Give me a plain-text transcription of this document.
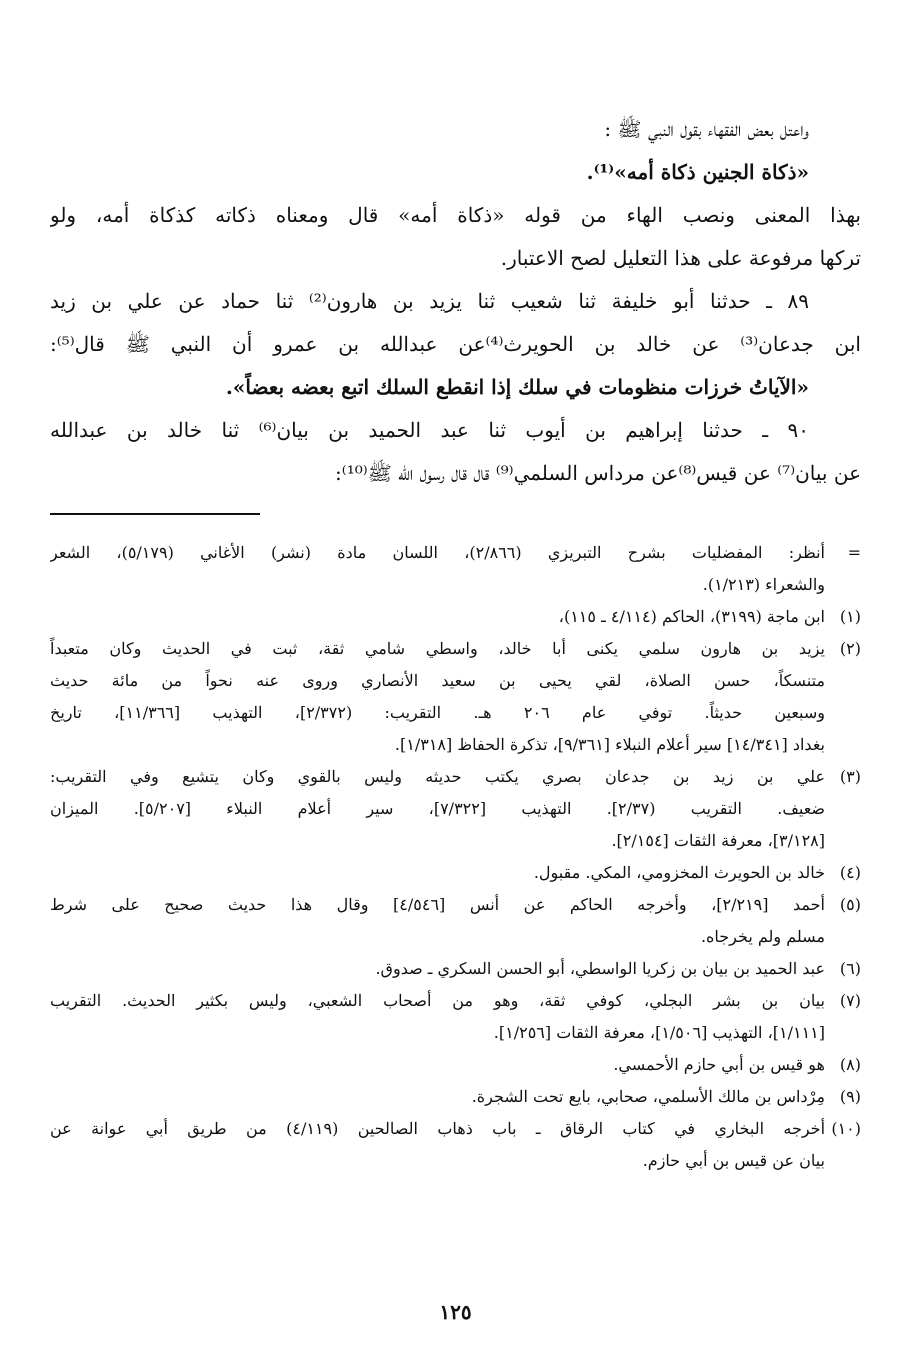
واعتل بعض الفقهاء بقول النبي ﷺ :
«ذكاة الجنين ذكاة أمه»⁽¹⁾.
بهذا المعنى ونصب الهاء من قوله «ذكاة أمه» قال ومعناه ذكاته كذكاة أمه، ولو
تركها مرفوعة على هذا التعليل لصح الاعتبار.
٨٩ ـ حدثنا أبو خليفة ثنا شعيب ثنا يزيد بن هارون⁽²⁾ ثنا حماد عن علي بن زيد
ابن جدعان⁽³⁾ عن خالد بن الحويرث⁽⁴⁾عن عبدالله بن عمرو أن النبي ﷺ قال⁽⁵⁾:
«الآياتُ خرزات منظومات في سلك إذا انقطع السلك اتبع بعضه بعضاً».
٩٠ ـ حدثنا إبراهيم بن أيوب ثنا عبد الحميد بن بيان⁽⁶⁾ ثنا خالد بن عبدالله
عن بيان⁽⁷⁾ عن قيس⁽⁸⁾عن مرداس السلمي⁽⁹⁾ قال قال رسول الله ﷺ⁽¹⁰⁾:
=
أنظر: المفضليات بشرح التبريزي (٢/٨٦٦)، اللسان مادة (نشر) الأغاني (٥/١٧٩)، الشعر
والشعراء (١/٢١٣).
(١)
ابن ماجة (٣١٩٩)، الحاكم (٤/١١٤ ـ ١١٥)،
(٢)
يزيد بن هارون سلمي يكنى أبا خالد، واسطي شامي ثقة، ثبت في الحديث وكان متعبداً
متنسكاً، حسن الصلاة، لقي يحيى بن سعيد الأنصاري وروى عنه نحواً من مائة حديث
وسبعين حديثاً. توفي عام ٢٠٦ هـ. التقريب: (٢/٣٧٢]، التهذيب [١١/٣٦٦]، تاريخ
بغداد [١٤/٣٤١] سير أعلام النبلاء [٩/٣٦١]، تذكرة الحفاظ [١/٣١٨].
(٣)
علي بن زيد بن جدعان بصري يكتب حديثه وليس بالقوي وكان يتشيع وفي التقريب:
ضعيف. التقريب (٢/٣٧]. التهذيب [٧/٣٢٢]، سير أعلام النبلاء [٥/٢٠٧]. الميزان
[٣/١٢٨]، معرفة الثقات [٢/١٥٤].
(٤)
خالد بن الحويرث المخزومي، المكي. مقبول.
(٥)
أحمد [٢/٢١٩]، وأخرجه الحاكم عن أنس [٤/٥٤٦] وقال هذا حديث صحيح على شرط
مسلم ولم يخرجاه.
(٦)
عبد الحميد بن بيان بن زكريا الواسطي، أبو الحسن السكري ـ صدوق.
(٧)
بيان بن بشر البجلي، كوفي ثقة، وهو من أصحاب الشعبي، وليس بكثير الحديث. التقريب
[١/١١١]، التهذيب [١/٥٠٦]، معرفة الثقات [١/٢٥٦].
(٨)
هو قيس بن أبي حازم الأحمسي.
(٩)
مِرْداس بن مالك الأسلمي، صحابي، بايع تحت الشجرة.
(١٠)
أخرجه البخاري في كتاب الرقاق ـ باب ذهاب الصالحين (٤/١١٩) من طريق أبي عوانة عن
بيان عن قيس بن أبي حازم.
١٢٥
